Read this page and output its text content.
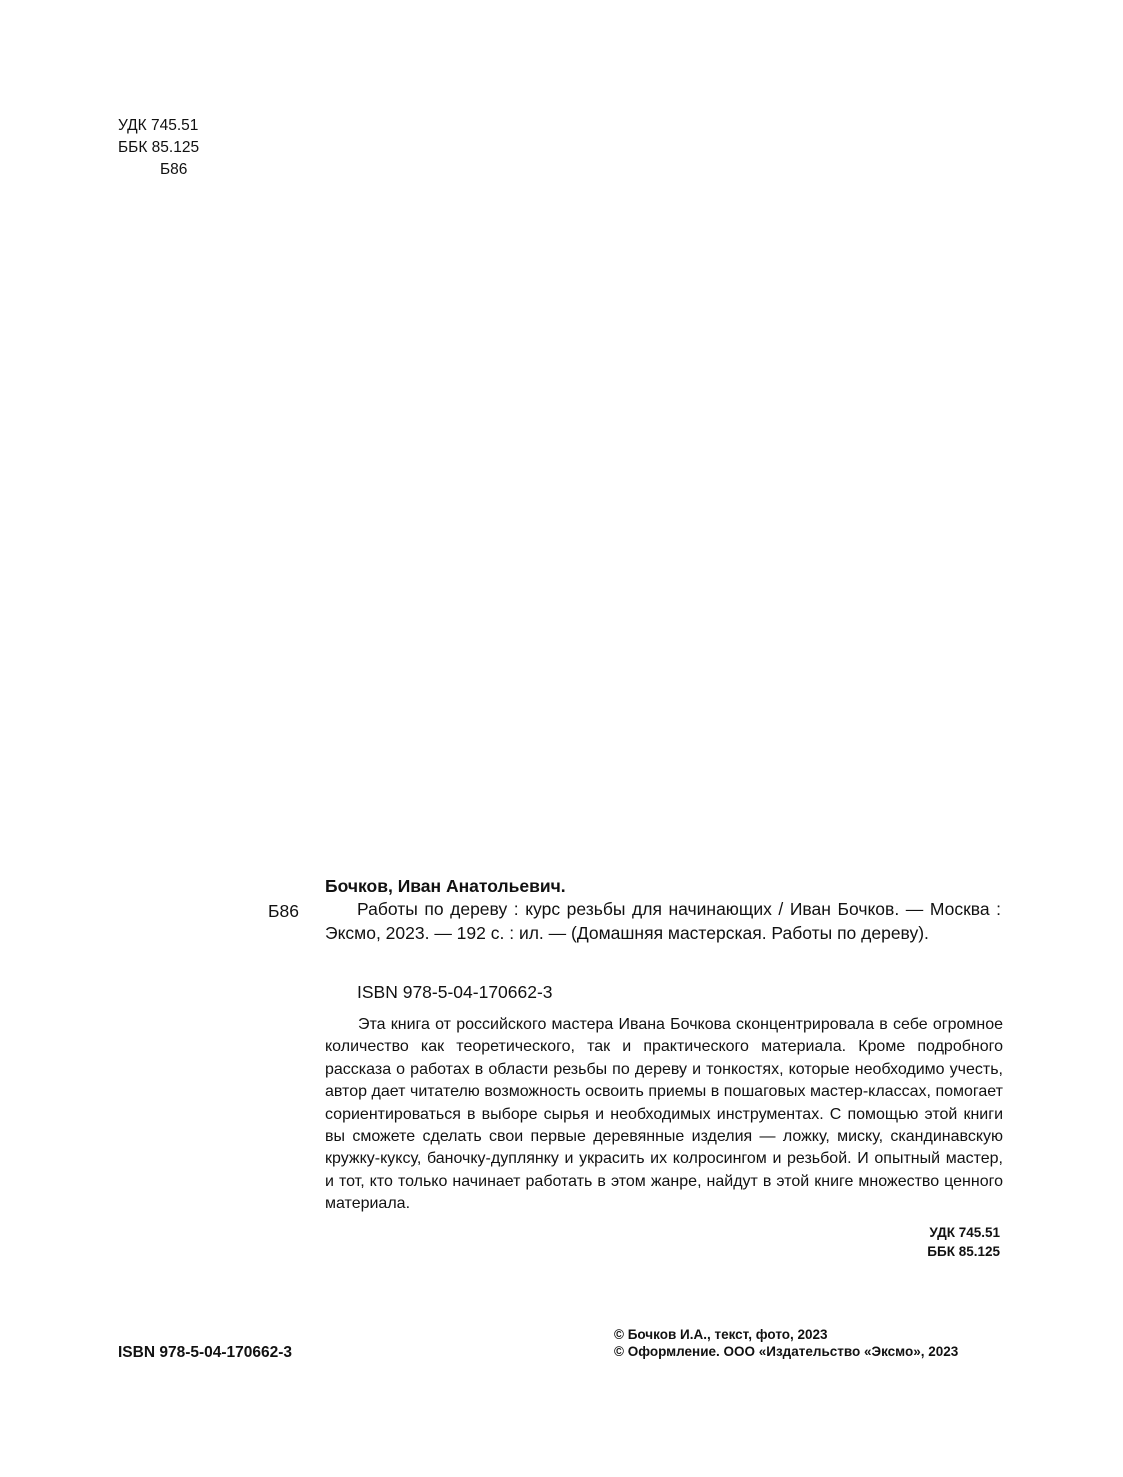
УДК 745.51
ББК 85.125
Б86
Бочков, Иван Анатольевич.
Б86	Работы по дереву : курс резьбы для начинающих / Иван Бочков. — Москва : Эксмо, 2023. — 192 с. : ил. — (Домашняя мастерская. Работы по дереву).
ISBN 978-5-04-170662-3
Эта книга от российского мастера Ивана Бочкова сконцентрировала в себе огромное количество как теоретического, так и практического материала. Кроме подробного рассказа о работах в области резьбы по дереву и тонкостях, которые необходимо учесть, автор дает читателю возможность освоить приемы в пошаговых мастер-классах, помогает сориентироваться в выборе сырья и необходимых инструментах. С помощью этой книги вы сможете сделать свои первые деревянные изделия — ложку, миску, скандинавскую кружку-куксу, баночку-дуплянку и украсить их колросингом и резьбой. И опытный мастер, и тот, кто только начинает работать в этом жанре, найдут в этой книге множество ценного материала.
УДК 745.51
ББК 85.125
ISBN 978-5-04-170662-3
© Бочков И.А., текст, фото, 2023
© Оформление. ООО «Издательство «Эксмо», 2023
